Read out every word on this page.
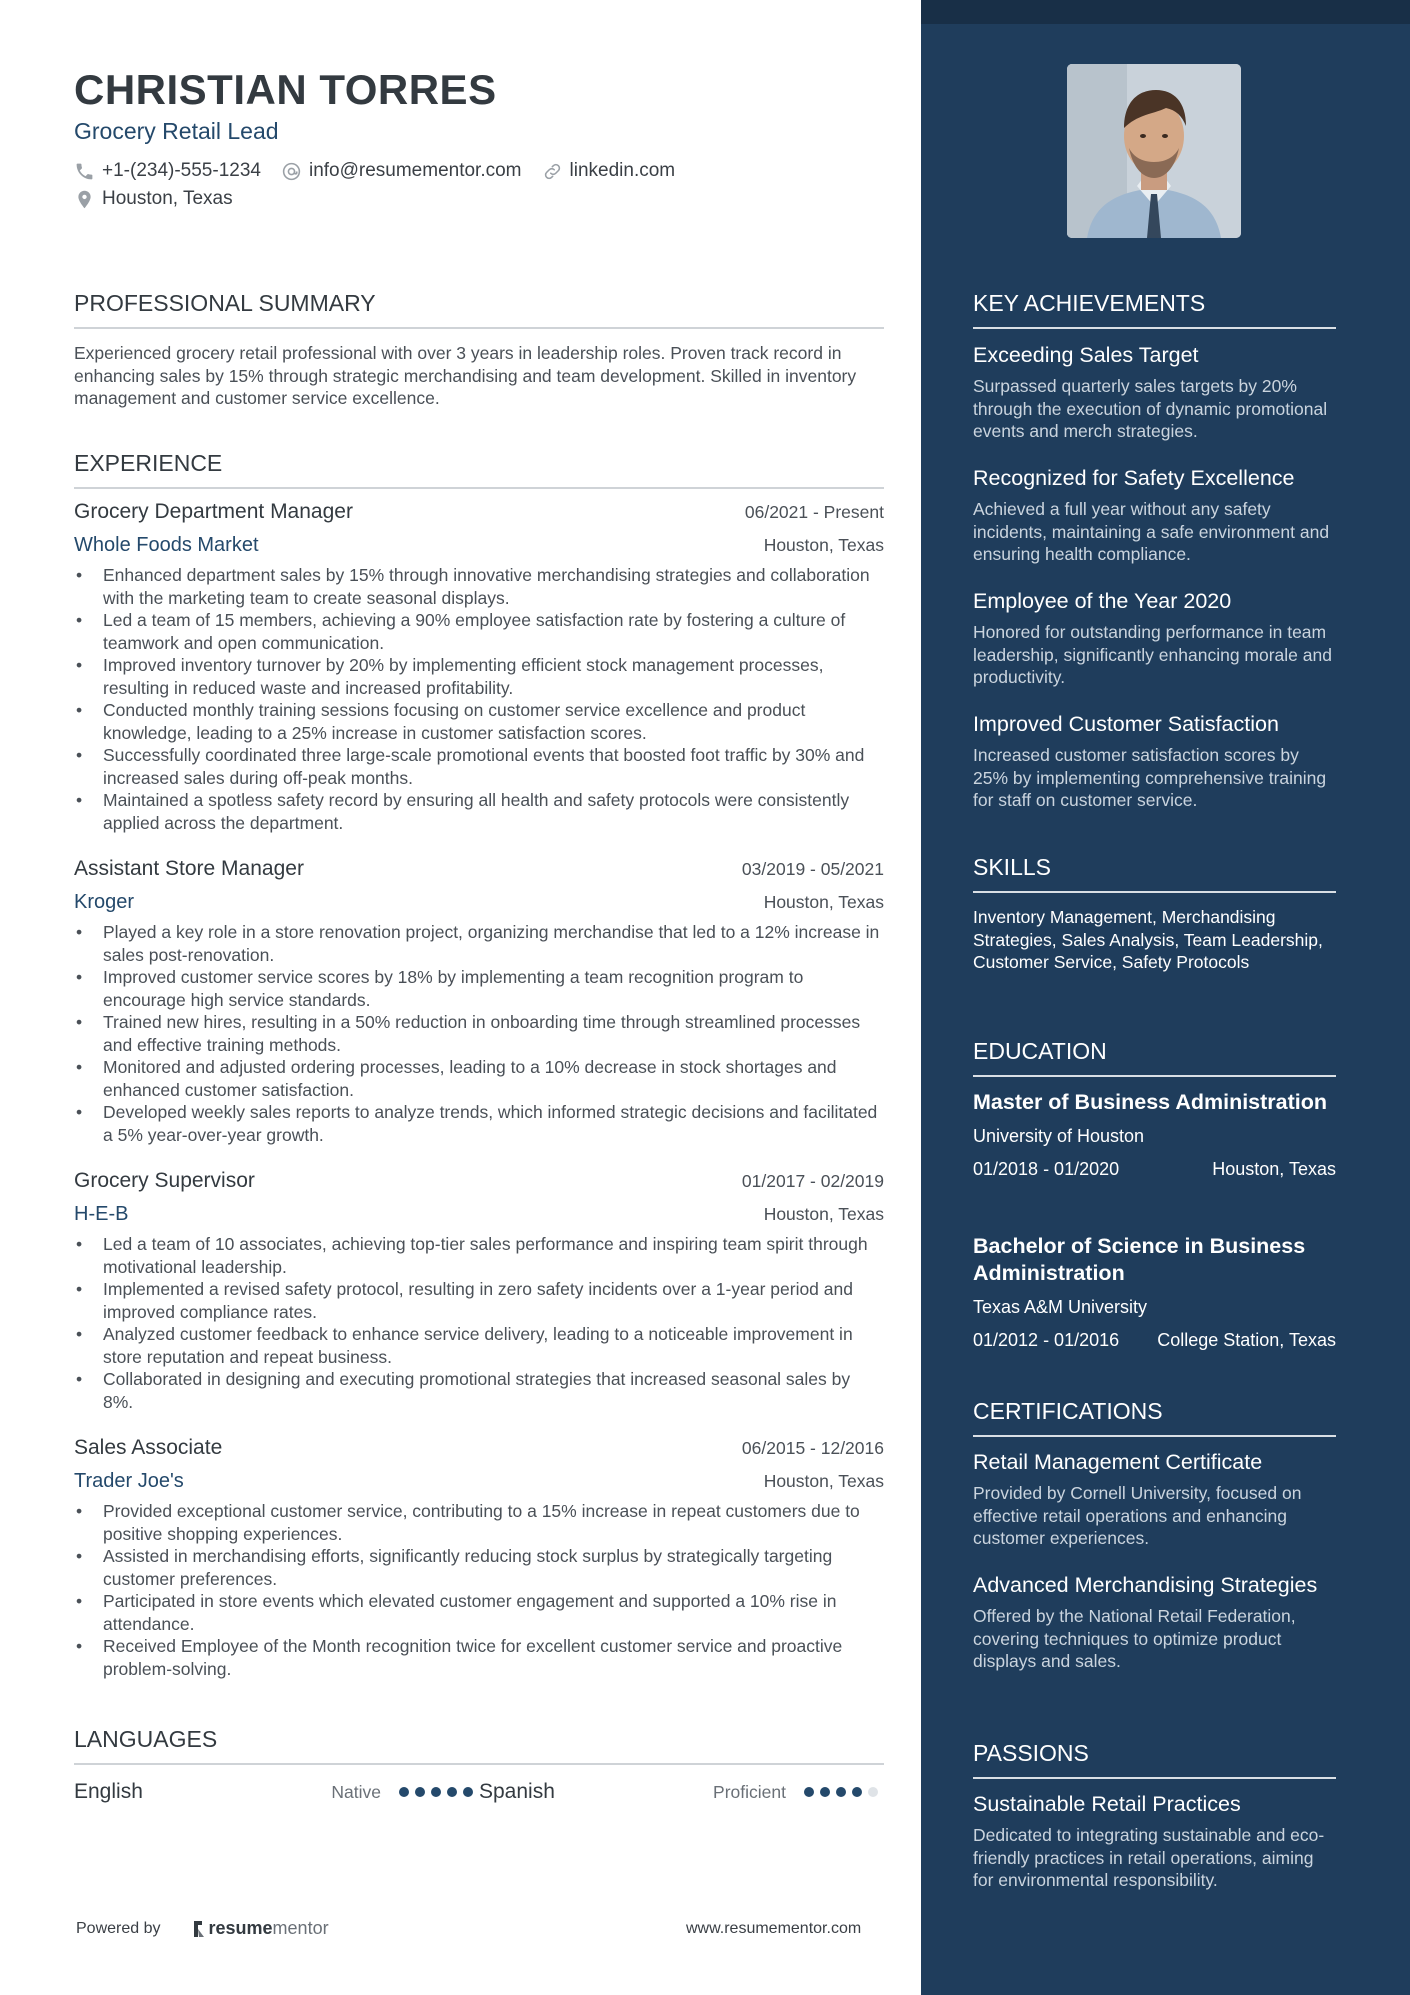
CHRISTIAN TORRES
Grocery Retail Lead
+1-(234)-555-1234	info@resumementor.com	linkedin.com
Houston, Texas
PROFESSIONAL SUMMARY
Experienced grocery retail professional with over 3 years in leadership roles. Proven track record in enhancing sales by 15% through strategic merchandising and team development. Skilled in inventory management and customer service excellence.
EXPERIENCE
Grocery Department Manager	06/2021 - Present
Whole Foods Market	Houston, Texas
• Enhanced department sales by 15% through innovative merchandising strategies and collaboration with the marketing team to create seasonal displays.
• Led a team of 15 members, achieving a 90% employee satisfaction rate by fostering a culture of teamwork and open communication.
• Improved inventory turnover by 20% by implementing efficient stock management processes, resulting in reduced waste and increased profitability.
• Conducted monthly training sessions focusing on customer service excellence and product knowledge, leading to a 25% increase in customer satisfaction scores.
• Successfully coordinated three large-scale promotional events that boosted foot traffic by 30% and increased sales during off-peak months.
• Maintained a spotless safety record by ensuring all health and safety protocols were consistently applied across the department.
Assistant Store Manager	03/2019 - 05/2021
Kroger	Houston, Texas
• Played a key role in a store renovation project, organizing merchandise that led to a 12% increase in sales post-renovation.
• Improved customer service scores by 18% by implementing a team recognition program to encourage high service standards.
• Trained new hires, resulting in a 50% reduction in onboarding time through streamlined processes and effective training methods.
• Monitored and adjusted ordering processes, leading to a 10% decrease in stock shortages and enhanced customer satisfaction.
• Developed weekly sales reports to analyze trends, which informed strategic decisions and facilitated a 5% year-over-year growth.
Grocery Supervisor	01/2017 - 02/2019
H-E-B	Houston, Texas
• Led a team of 10 associates, achieving top-tier sales performance and inspiring team spirit through motivational leadership.
• Implemented a revised safety protocol, resulting in zero safety incidents over a 1-year period and improved compliance rates.
• Analyzed customer feedback to enhance service delivery, leading to a noticeable improvement in store reputation and repeat business.
• Collaborated in designing and executing promotional strategies that increased seasonal sales by 8%.
Sales Associate	06/2015 - 12/2016
Trader Joe's	Houston, Texas
• Provided exceptional customer service, contributing to a 15% increase in repeat customers due to positive shopping experiences.
• Assisted in merchandising efforts, significantly reducing stock surplus by strategically targeting customer preferences.
• Participated in store events which elevated customer engagement and supported a 10% rise in attendance.
• Received Employee of the Month recognition twice for excellent customer service and proactive problem-solving.
LANGUAGES
English	Native	Spanish	Proficient
Powered by	resume mentor	www.resumementor.com
KEY ACHIEVEMENTS
Exceeding Sales Target
Surpassed quarterly sales targets by 20% through the execution of dynamic promotional events and merch strategies.
Recognized for Safety Excellence
Achieved a full year without any safety incidents, maintaining a safe environment and ensuring health compliance.
Employee of the Year 2020
Honored for outstanding performance in team leadership, significantly enhancing morale and productivity.
Improved Customer Satisfaction
Increased customer satisfaction scores by 25% by implementing comprehensive training for staff on customer service.
SKILLS
Inventory Management, Merchandising Strategies, Sales Analysis, Team Leadership, Customer Service, Safety Protocols
EDUCATION
Master of Business Administration
University of Houston
01/2018 - 01/2020	Houston, Texas
Bachelor of Science in Business Administration
Texas A&M University
01/2012 - 01/2016 College Station, Texas
CERTIFICATIONS
Retail Management Certificate
Provided by Cornell University, focused on effective retail operations and enhancing customer experiences.
Advanced Merchandising Strategies
Offered by the National Retail Federation, covering techniques to optimize product displays and sales.
PASSIONS
Sustainable Retail Practices
Dedicated to integrating sustainable and eco-friendly practices in retail operations, aiming for environmental responsibility.
